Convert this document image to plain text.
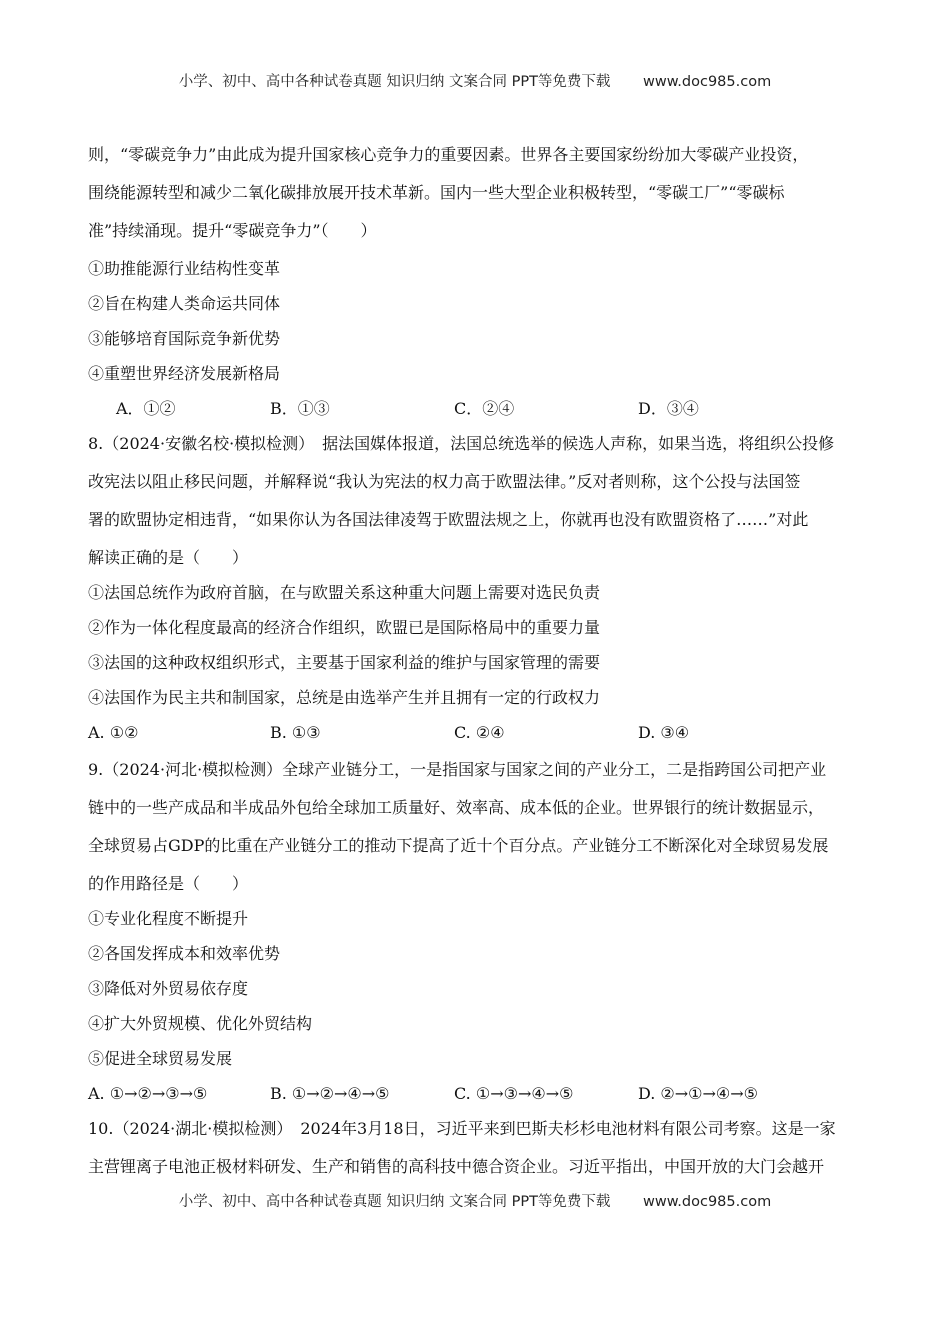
小学、初中、高中各种试卷真题 知识归纳 文案合同 PPT等免费下载 www.doc985.com
则，“零碳竞争力”由此成为提升国家核心竞争力的重要因素。世界各主要国家纷纷加大零碳产业投资，
围绕能源转型和减少二氧化碳排放展开技术革新。国内一些大型企业积极转型，“零碳工厂”“零碳标
准”持续涌现。提升“零碳竞争力”（　　）
①助推能源行业结构性变革
②旨在构建人类命运共同体
③能够培育国际竞争新优势
④重塑世界经济发展新格局
A．①②	B．①③	C．②④	D．③④
8.（2024·安徽名校·模拟检测）　据法国媒体报道，法国总统选举的候选人声称，如果当选，将组织公投修
改宪法以阻止移民问题，并解释说“我认为宪法的权力高于欧盟法律。”反对者则称，这个公投与法国签
署的欧盟协定相违背，“如果你认为各国法律凌驾于欧盟法规之上，你就再也没有欧盟资格了……”对此
解读正确的是（　　）
①法国总统作为政府首脑，在与欧盟关系这种重大问题上需要对选民负责
②作为一体化程度最高的经济合作组织，欧盟已是国际格局中的重要力量
③法国的这种政权组织形式，主要基于国家利益的维护与国家管理的需要
④法国作为民主共和制国家，总统是由选举产生并且拥有一定的行政权力
A. ①②	B. ①③	C. ②④	D. ③④
9.（2024·河北·模拟检测）全球产业链分工，一是指国家与国家之间的产业分工，二是指跨国公司把产业
链中的一些产成品和半成品外包给全球加工质量好、效率高、成本低的企业。世界银行的统计数据显示，
全球贸易占GDP的比重在产业链分工的推动下提高了近十个百分点。产业链分工不断深化对全球贸易发展
的作用路径是（　　）
①专业化程度不断提升
②各国发挥成本和效率优势
③降低对外贸易依存度
④扩大外贸规模、优化外贸结构
⑤促进全球贸易发展
A. ①→②→③→⑤	B. ①→②→④→⑤	C. ①→③→④→⑤	D. ②→①→④→⑤
10.（2024·湖北·模拟检测）　2024年3月18日，习近平来到巴斯夫杉杉电池材料有限公司考察。这是一家
主营锂离子电池正极材料研发、生产和销售的高科技中德合资企业。习近平指出，中国开放的大门会越开
小学、初中、高中各种试卷真题 知识归纳 文案合同 PPT等免费下载 www.doc985.com
